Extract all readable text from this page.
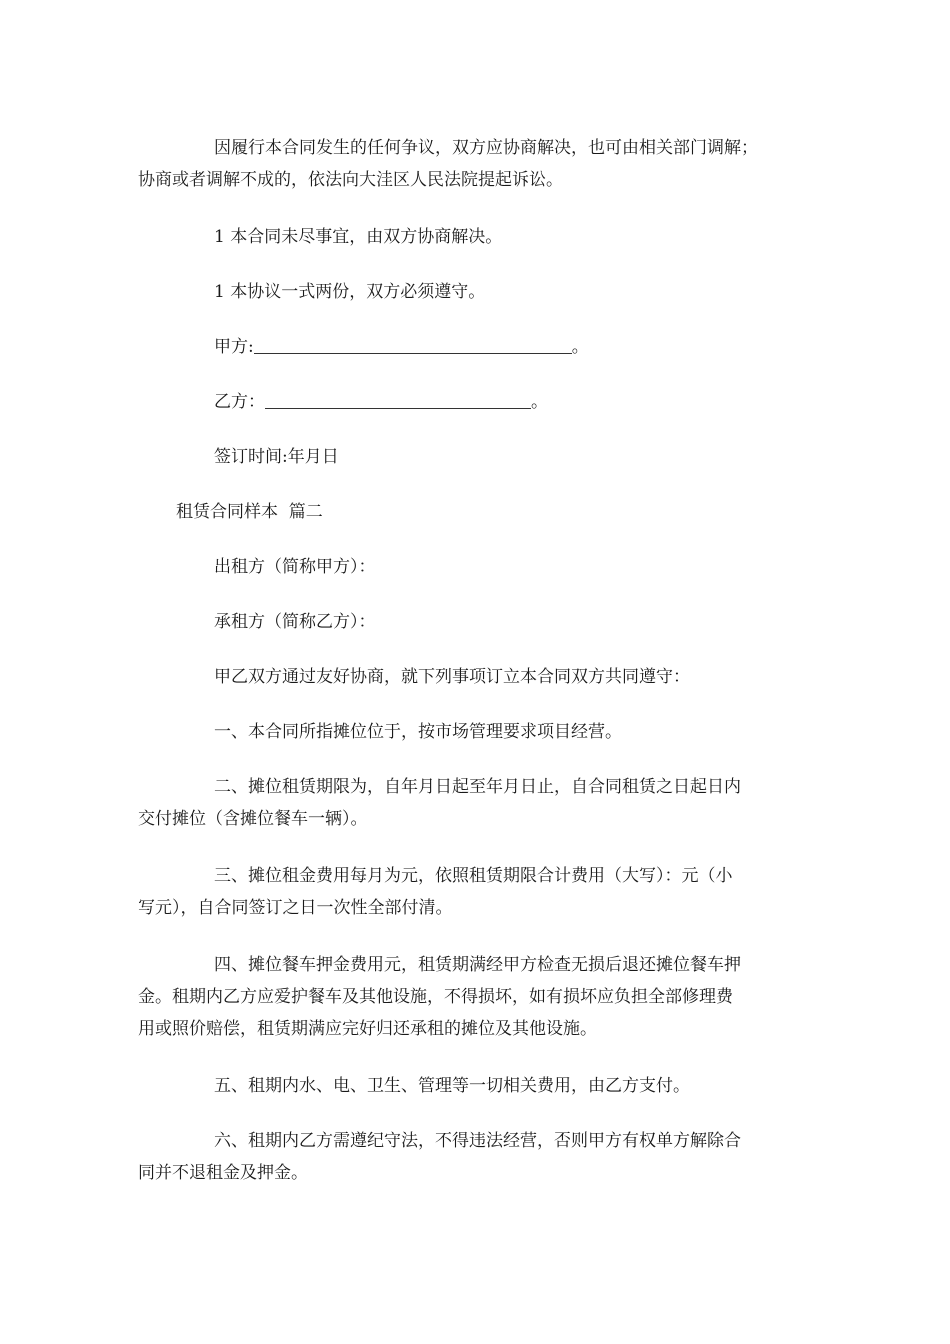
因履行本合同发生的任何争议，双方应协商解决，也可由相关部门调解；
协商或者调解不成的，依法向大洼区人民法院提起诉讼。
1 本合同未尽事宜，由双方协商解决。
1 本协议一式两份，双方必须遵守。
甲方:	。
乙方：	。
签订时间:年月日
租赁合同样本  篇二
出租方（简称甲方）：
承租方（简称乙方）：
甲乙双方通过友好协商，就下列事项订立本合同双方共同遵守：
一、本合同所指摊位位于，按市场管理要求项目经营。
二、摊位租赁期限为，自年月日起至年月日止，自合同租赁之日起日内
交付摊位（含摊位餐车一辆）。
三、摊位租金费用每月为元，依照租赁期限合计费用（大写）：元（小
写元），自合同签订之日一次性全部付清。
四、摊位餐车押金费用元，租赁期满经甲方检查无损后退还摊位餐车押
金。租期内乙方应爱护餐车及其他设施，不得损坏，如有损坏应负担全部修理费
用或照价赔偿，租赁期满应完好归还承租的摊位及其他设施。
五、租期内水、电、卫生、管理等一切相关费用，由乙方支付。
六、租期内乙方需遵纪守法，不得违法经营，否则甲方有权单方解除合
同并不退租金及押金。
